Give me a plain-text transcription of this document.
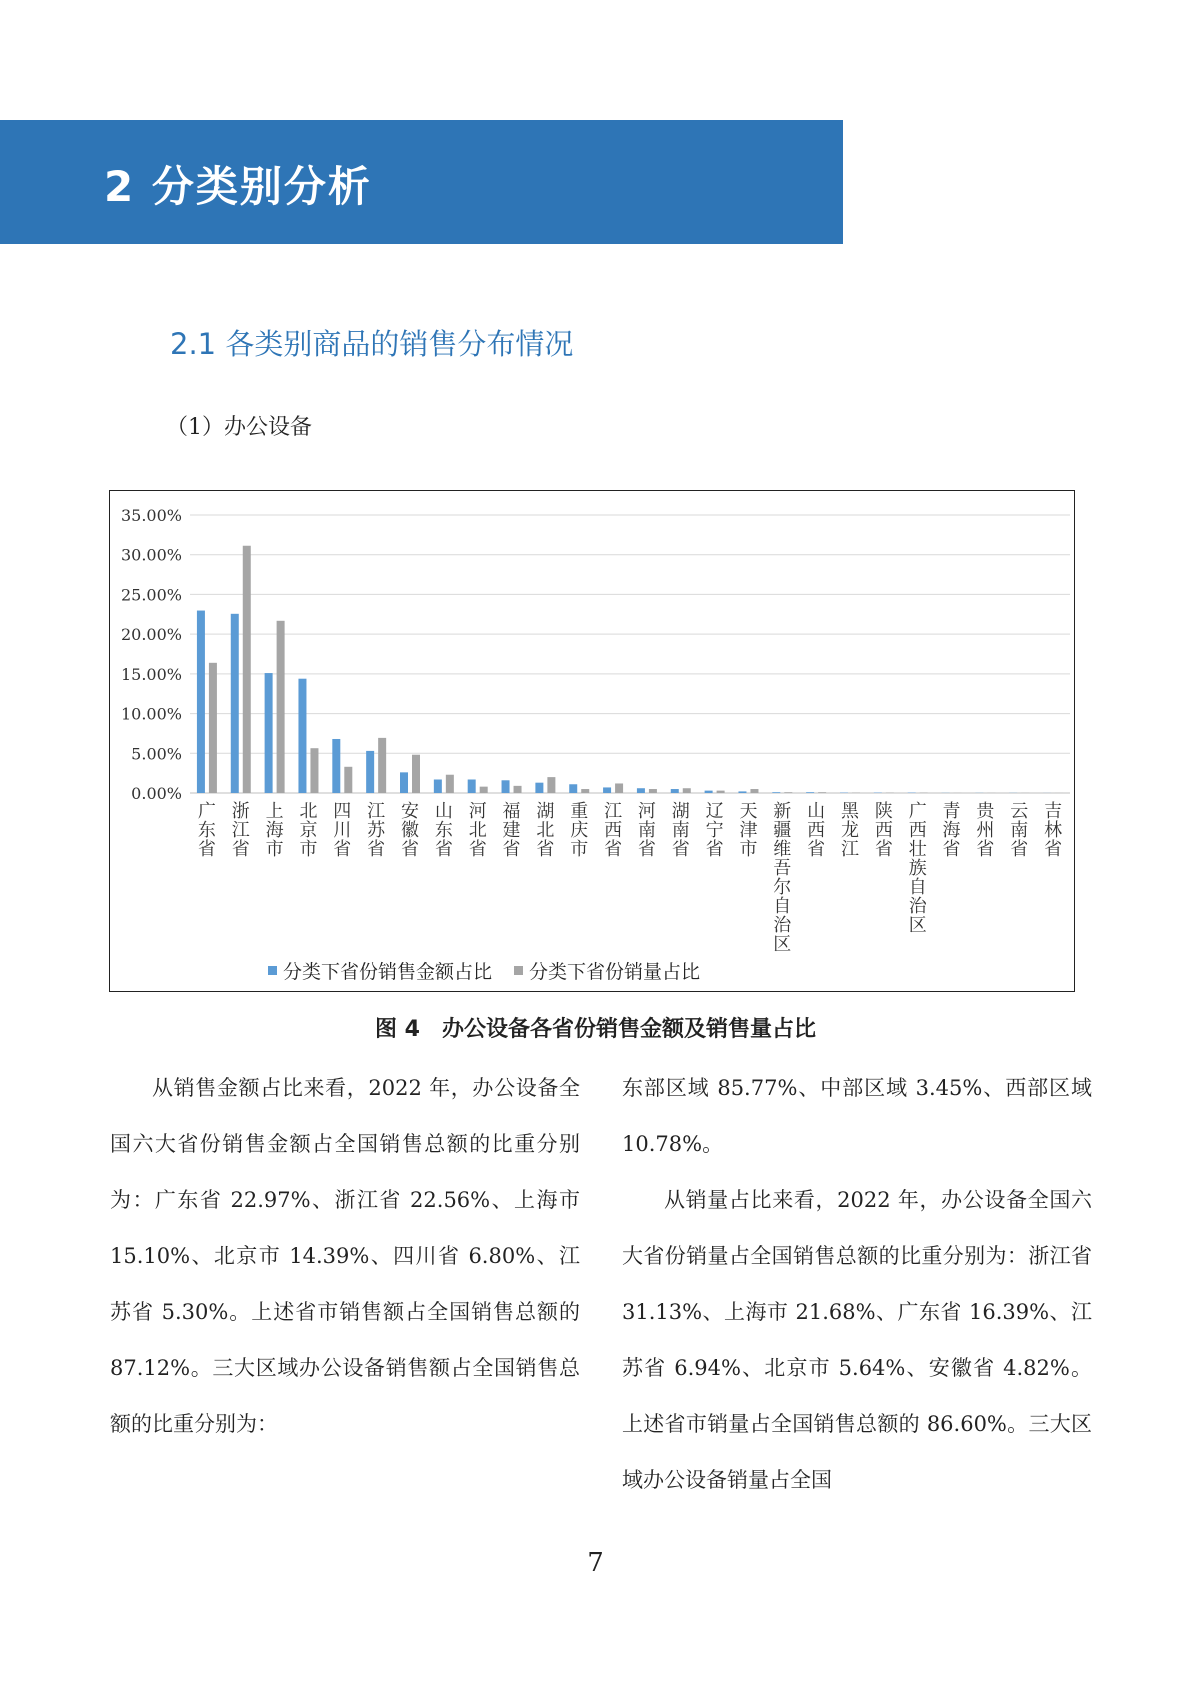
2 分类别分析
2.1 各类别商品的销售分布情况
（1）办公设备
35.00%
30.00%
25.00%
20.00%
15.00%
10.00%
5.00%
0.00%
广东省
浙江省
上海市
北京市
四川省
江苏省
安徽省
山东省
河北省
福建省
湖北省
重庆市
江西省
河南省
湖南省
辽宁省
天津市
新疆维吾尔自治区
山西省
黑龙江
陕西省
广西壮族自治区
青海省
贵州省
云南省
吉林省
分类下省份销售金额占比 分类下省份销量占比
图 4　办公设备各省份销售金额及销售量占比

从销售金额占比来看，2022 年，办公设备全国六大省份销售金额占全国销售总额的比重分别为：广东省 22.97%、浙江省 22.56%、上海市 15.10%、北京市 14.39%、四川省 6.80%、江苏省 5.30%。上述省市销售额占全国销售总额的 87.12%。三大区域办公设备销售额占全国销售总额的比重分别为：

东部区域 85.77%、中部区域 3.45%、西部区域 10.78%。

从销量占比来看，2022 年，办公设备全国六大省份销量占全国销售总额的比重分别为：浙江省 31.13%、上海市 21.68%、广东省 16.39%、江苏省 6.94%、北京市 5.64%、安徽省 4.82%。上述省市销量占全国销售总额的 86.60%。三大区域办公设备销量占全国

7
